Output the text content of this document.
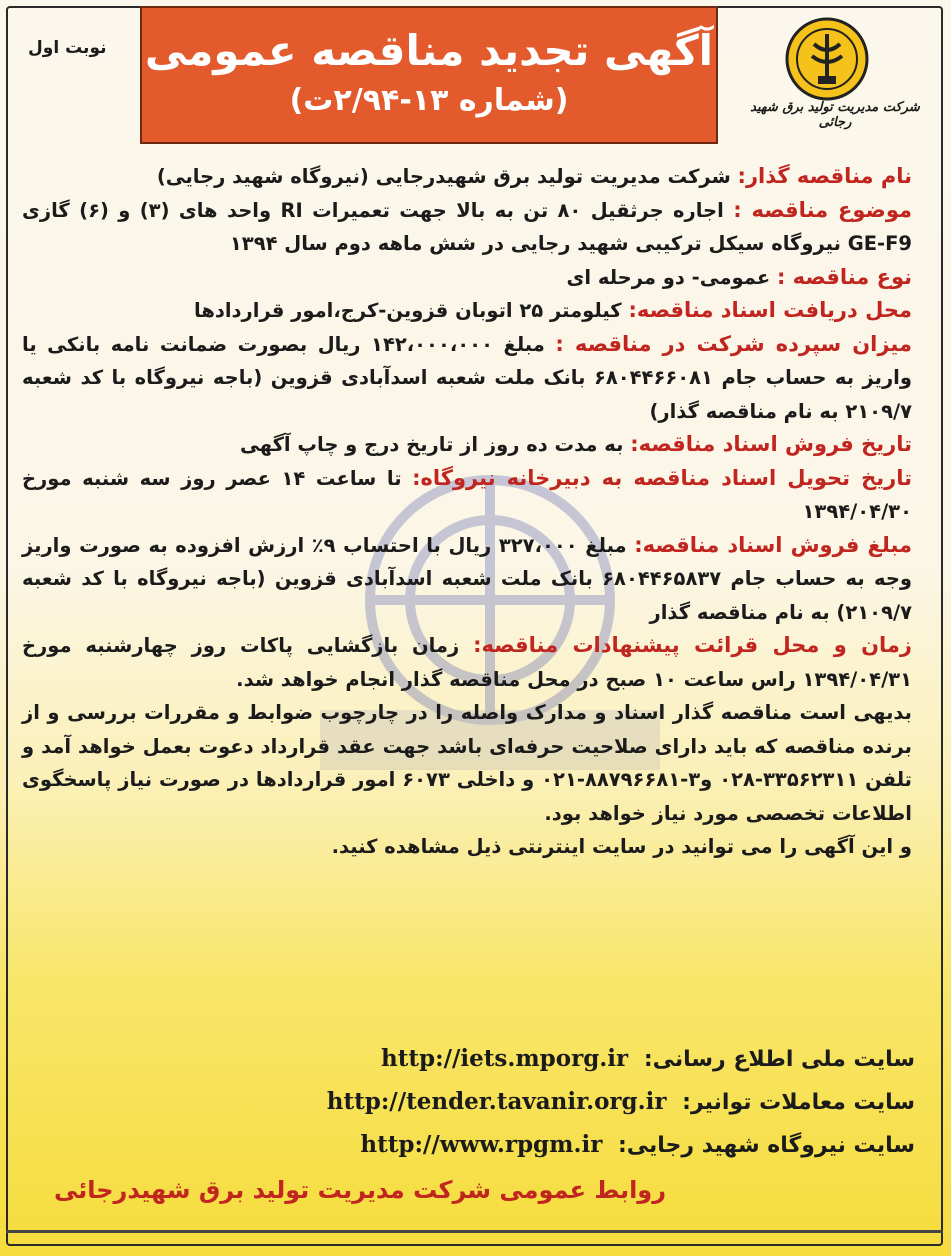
آگهی تجدید مناقصه عمومی
(شماره ۱۳-۲/۹۴ت)
نوبت اول
شرکت مدیریت تولید برق شهید رجائی

نام مناقصه گذار: شرکت مدیریت تولید برق شهیدرجایی (نیروگاه شهید رجایی)

موضوع مناقصه : اجاره جرثقیل ۸۰ تن به بالا جهت تعمیرات RI واحد های (۳) و (۶) گازی GE-F9 نیروگاه سیکل ترکیبی شهید رجایی در شش ماهه دوم سال ۱۳۹۴

نوع مناقصه : عمومی- دو مرحله ای

محل دریافت اسناد مناقصه: کیلومتر ۲۵ اتوبان قزوین-کرج،امور قراردادها

میزان سپرده شرکت در مناقصه : مبلغ ۱۴۲،۰۰۰،۰۰۰ ریال بصورت ضمانت نامه بانکی یا واریز به حساب جام ۶۸۰۴۴۶۶۰۸۱ بانک ملت شعبه اسدآبادی قزوین (باجه نیروگاه با کد شعبه ۲۱۰۹/۷ به نام مناقصه گذار)

تاریخ فروش اسناد مناقصه: به مدت ده روز از تاریخ درج و چاپ آگهی

تاریخ تحویل اسناد مناقصه به دبیرخانه نیروگاه: تا ساعت ۱۴ عصر روز سه شنبه مورخ ۱۳۹۴/۰۴/۳۰

مبلغ فروش اسناد مناقصه: مبلغ ۳۲۷،۰۰۰ ریال با احتساب ۹٪ ارزش افزوده به صورت واریز وجه به حساب جام ۶۸۰۴۴۶۵۸۳۷ بانک ملت شعبه اسدآبادی قزوین (باجه نیروگاه با کد شعبه ۲۱۰۹/۷) به نام مناقصه گذار

زمان و محل قرائت پیشنهادات مناقصه: زمان بازگشایی پاکات روز چهارشنبه مورخ ۱۳۹۴/۰۴/۳۱ راس ساعت ۱۰ صبح در محل مناقصه گذار انجام خواهد شد.

بدیهی است مناقصه گذار اسناد و مدارک واصله را در چارچوب ضوابط و مقررات بررسی و از برنده مناقصه که باید دارای صلاحیت حرفه‌ای باشد جهت عقد قرارداد دعوت بعمل خواهد آمد و تلفن ۳۳۵۶۲۳۱۱-۰۲۸ و۳-۸۸۷۹۶۶۸۱-۰۲۱ و داخلی ۶۰۷۳ امور قراردادها در صورت نیاز پاسخگوی اطلاعات تخصصی مورد نیاز خواهد بود.

و این آگهی را می توانید در سایت اینترنتی ذیل مشاهده کنید.

سایت ملی اطلاع رسانی: http://iets.mporg.ir
سایت معاملات توانیر: http://tender.tavanir.org.ir
سایت نیروگاه شهید رجایی: http://www.rpgm.ir
روابط عمومی شرکت مدیریت تولید برق شهیدرجائی
